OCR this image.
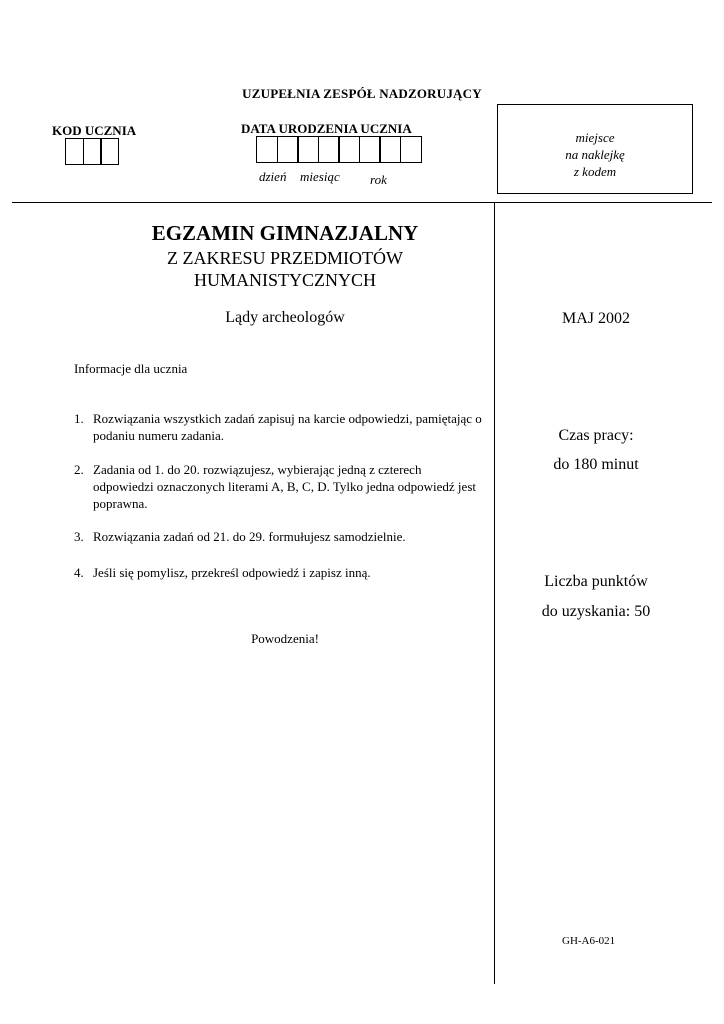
UZUPEŁNIA ZESPÓŁ NADZORUJĄCY
KOD UCZNIA	DATA URODZENIA UCZNIA
dzień miesiąc rok
miejsce
na naklejkę
z kodem
EGZAMIN GIMNAZJALNY
Z ZAKRESU PRZEDMIOTÓW
HUMANISTYCZNYCH
Lądy archeologów
Informacje dla ucznia
1. Rozwiązania wszystkich zadań zapisuj na karcie odpowiedzi, pamiętając o podaniu numeru zadania.
2. Zadania od 1. do 20. rozwiązujesz, wybierając jedną z czterech odpowiedzi oznaczonych literami A, B, C, D. Tylko jedna odpowiedź jest poprawna.
3. Rozwiązania zadań od 21. do 29. formułujesz samodzielnie.
4. Jeśli się pomylisz, przekreśl odpowiedź i zapisz inną.
Powodzenia!
MAJ 2002
Czas pracy:
do 180 minut
Liczba punktów
do uzyskania: 50
GH-A6-021
